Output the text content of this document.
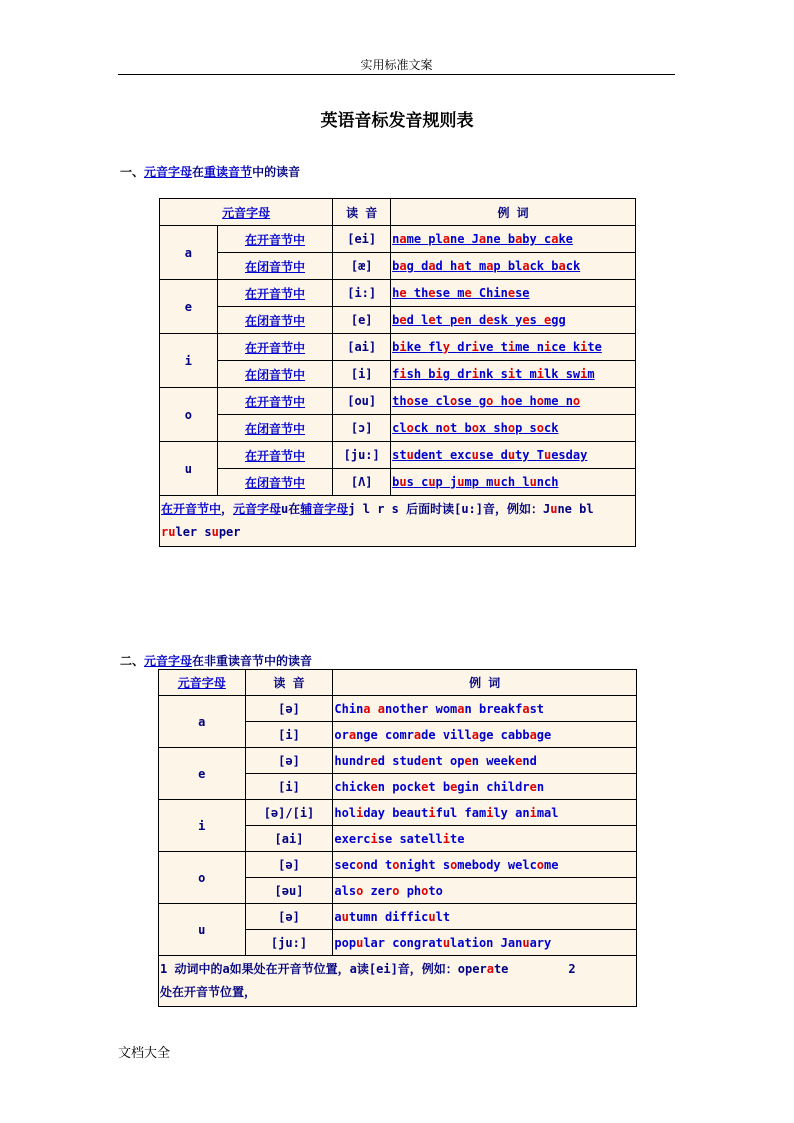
实用标准文案
英语音标发音规则表
一、元音字母在重读音节中的读音
元音字母		读 音	例 词
a	在开音节中	[ei]	name plane Jane baby cake
	在闭音节中	[æ]	bag dad hat map black back
e	在开音节中	[i:]	he these me Chinese
	在闭音节中	[e]	bed let pen desk yes egg
i	在开音节中	[ai]	bike fly drive time nice kite
	在闭音节中	[i]	fish big drink sit milk swim
o	在开音节中	[ou]	those close go hoe home no
	在闭音节中	[ɔ]	clock not box shop sock
u	在开音节中	[ju:]	student excuse duty Tuesday
	在闭音节中	[Λ]	bus cup jump much lunch
在开音节中，元音字母u在辅音字母j l r s 后面时读[u:]音，例如：June bl
ruler super			
二、元音字母在非重读音节中的读音
元音字母	读 音	例 词
a	[ə]	China another woman breakfast
	[i]	orange comrade village cabbage
e	[ə]	hundred student open weekend
	[i]	chicken pocket begin children
i	[ə]/[i]	holiday beautiful family animal
	[ai]	exercise satellite
o	[ə]	second tonight somebody welcome
	[əu]	also zero photo
u	[ə]	autumn difficult
	[ju:]	popular congratulation January
1 动词中的a如果处在开音节位置，a读[ei]音，例如：operate 2
处在开音节位置，		
文档大全
